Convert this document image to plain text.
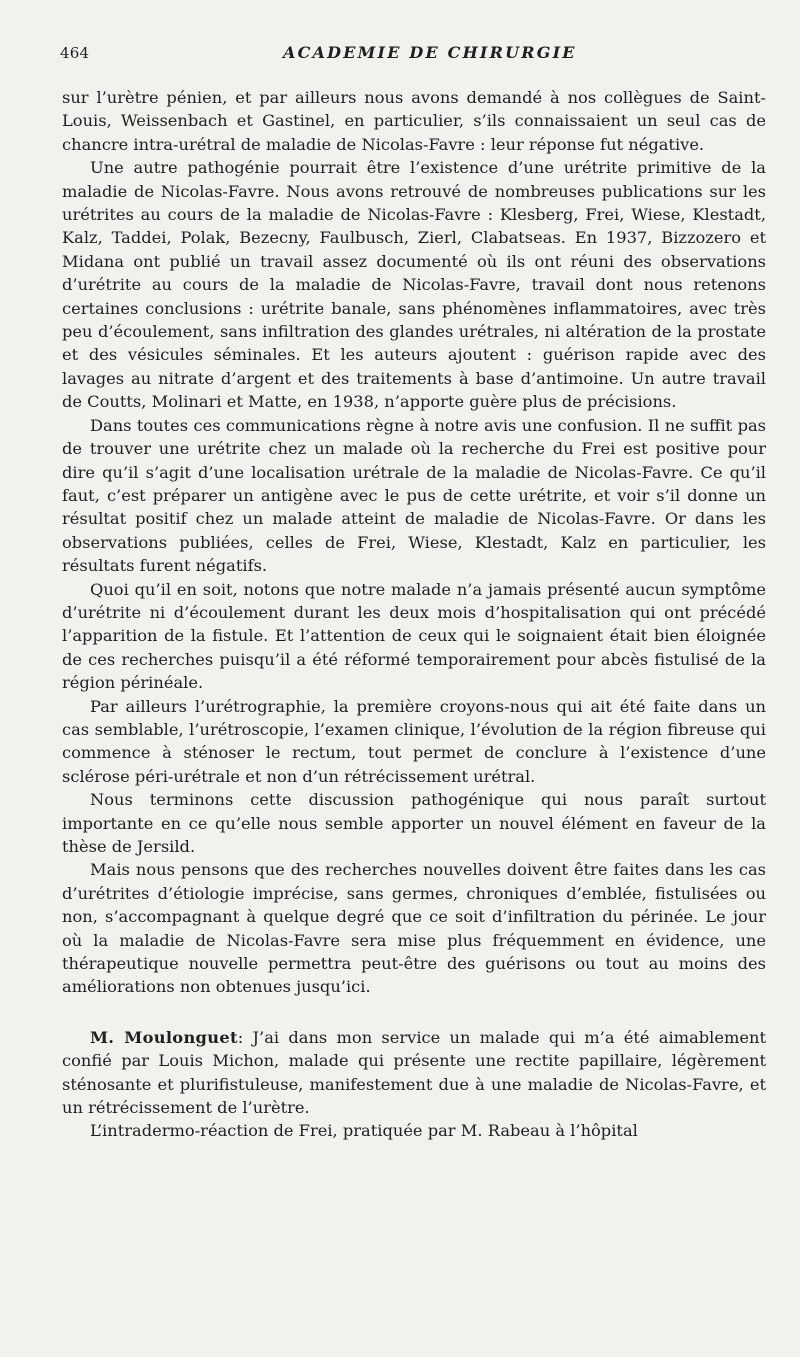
464	ACADEMIE DE CHIRURGIE

sur l’urètre pénien, et par ailleurs nous avons demandé à nos collègues de Saint-Louis, Weissenbach et Gastinel, en particulier, s’ils connaissaient un seul cas de chancre intra-urétral de maladie de Nicolas-Favre : leur réponse fut négative.

Une autre pathogénie pourrait être l’existence d’une urétrite primitive de la maladie de Nicolas-Favre. Nous avons retrouvé de nombreuses publications sur les urétrites au cours de la maladie de Nicolas-Favre : Klesberg, Frei, Wiese, Klestadt, Kalz, Taddei, Polak, Bezecny, Faulbusch, Zierl, Clabatseas. En 1937, Bizzozero et Midana ont publié un travail assez documenté où ils ont réuni des observations d’urétrite au cours de la maladie de Nicolas-Favre, travail dont nous retenons certaines conclusions : urétrite banale, sans phénomènes inflammatoires, avec très peu d’écoulement, sans infiltration des glandes urétrales, ni altération de la prostate et des vésicules séminales. Et les auteurs ajoutent : guérison rapide avec des lavages au nitrate d’argent et des traitements à base d’antimoine. Un autre travail de Coutts, Molinari et Matte, en 1938, n’apporte guère plus de précisions.

Dans toutes ces communications règne à notre avis une confusion. Il ne suffit pas de trouver une urétrite chez un malade où la recherche du Frei est positive pour dire qu’il s’agit d’une localisation urétrale de la maladie de Nicolas-Favre. Ce qu’il faut, c’est préparer un antigène avec le pus de cette urétrite, et voir s’il donne un résultat positif chez un malade atteint de maladie de Nicolas-Favre. Or dans les observations publiées, celles de Frei, Wiese, Klestadt, Kalz en particulier, les résultats furent négatifs.

Quoi qu’il en soit, notons que notre malade n’a jamais présenté aucun symptôme d’urétrite ni d’écoulement durant les deux mois d’hospitalisation qui ont précédé l’apparition de la fistule. Et l’attention de ceux qui le soignaient était bien éloignée de ces recherches puisqu’il a été réformé temporairement pour abcès fistulisé de la région périnéale.

Par ailleurs l’urétrographie, la première croyons-nous qui ait été faite dans un cas semblable, l’urétroscopie, l’examen clinique, l’évolution de la région fibreuse qui commence à sténoser le rectum, tout permet de conclure à l’existence d’une sclérose péri-urétrale et non d’un rétrécissement urétral.

Nous terminons cette discussion pathogénique qui nous paraît surtout importante en ce qu’elle nous semble apporter un nouvel élément en faveur de la thèse de Jersild.

Mais nous pensons que des recherches nouvelles doivent être faites dans les cas d’urétrites d’étiologie imprécise, sans germes, chroniques d’emblée, fistulisées ou non, s’accompagnant à quelque degré que ce soit d’infiltration du périnée. Le jour où la maladie de Nicolas-Favre sera mise plus fréquemment en évidence, une thérapeutique nouvelle permettra peut-être des guérisons ou tout au moins des améliorations non obtenues jusqu’ici.

M. Moulonguet: J’ai dans mon service un malade qui m’a été aimablement confié par Louis Michon, malade qui présente une rectite papillaire, légèrement sténosante et plurifistuleuse, manifestement due à une maladie de Nicolas-Favre, et un rétrécissement de l’urètre.

L’intradermo-réaction de Frei, pratiquée par M. Rabeau à l’hôpital
